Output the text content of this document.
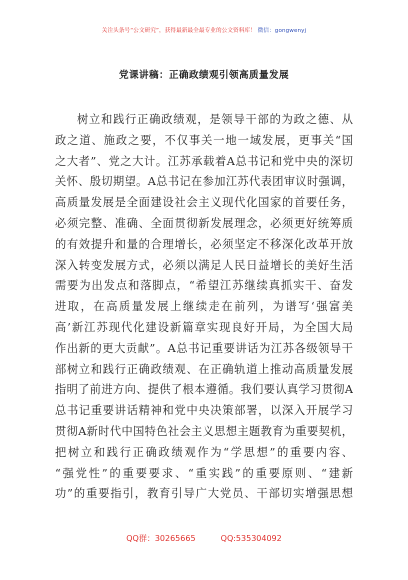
关注头条号“公文研究”，获得最新最全最专业的公文资料库！ 微信：gongwenyj
党课讲稿：正确政绩观引领高质量发展
树立和践行正确政绩观，是领导干部的为政之德、从
政之道、施政之要，不仅事关一地一域发展，更事关“国
之大者”、党之大计。江苏承载着A总书记和党中央的深切
关怀、殷切期望。A总书记在参加江苏代表团审议时强调，
高质量发展是全面建设社会主义现代化国家的首要任务，
必须完整、准确、全面贯彻新发展理念，必须更好统筹质
的有效提升和量的合理增长，必须坚定不移深化改革开放
深入转变发展方式，必须以满足人民日益增长的美好生活
需要为出发点和落脚点，“希望江苏继续真抓实干、奋发
进取，在高质量发展上继续走在前列，为谱写‘强富美
高’新江苏现代化建设新篇章实现良好开局，为全国大局
作出新的更大贡献”。A总书记重要讲话为江苏各级领导干
部树立和践行正确政绩观、在正确轨道上推动高质量发展
指明了前进方向、提供了根本遵循。我们要认真学习贯彻A
总书记重要讲话精神和党中央决策部署，以深入开展学习
贯彻A新时代中国特色社会主义思想主题教育为重要契机，
把树立和践行正确政绩观作为“学思想”的重要内容、
“强党性”的重要要求、“重实践”的重要原则、“建新
功”的重要指引，教育引导广大党员、干部切实增强思想
QQ群：30265665	QQ:535304092
